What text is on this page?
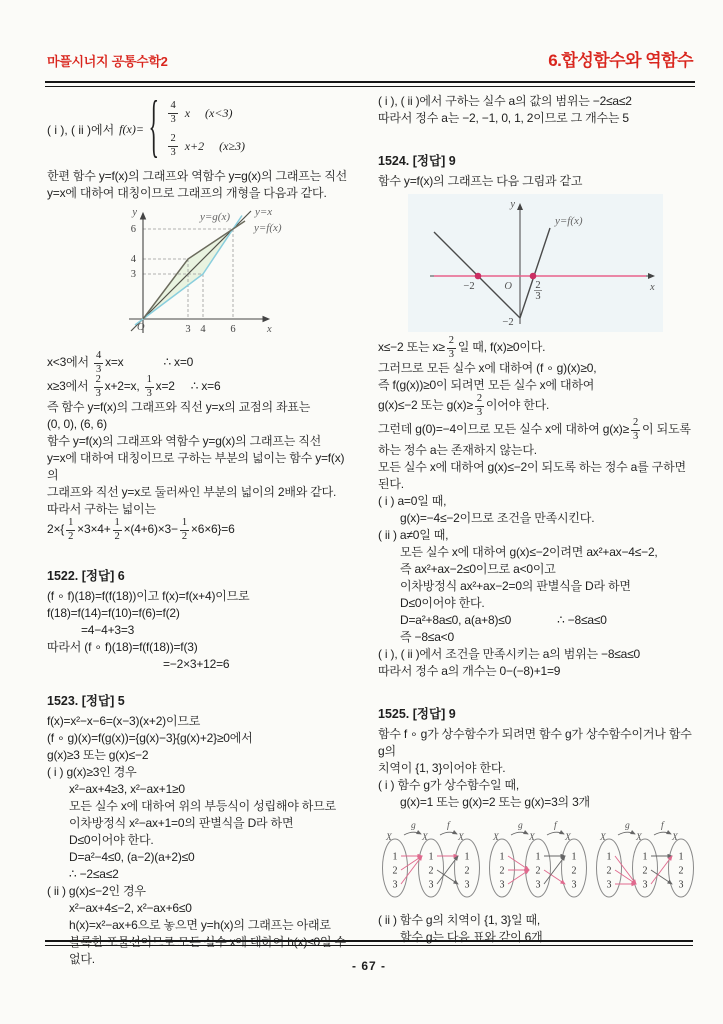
마플시너지 공통수학2	6.합성함수와 역함수
( i ), ( ii )에서 f(x)= { $\frac{4}{3}$ x (x<3)
$\frac{2}{3} x+2$ (x≥3)
한편 함수 y=f(x)의 그래프와 역함수 y=g(x)의 그래프는 직선
y=x에 대하여 대칭이므로 그래프의 개형을 다음과 같다.
y
x
O
6
4
3
3 4 6
y=g(x) y=x
y=f(x)
x<3에서 $\frac{4}{3} x=x$	∴ x=0
x≥3에서 $\frac{2}{3} x+2=x$, $\frac{1}{3} x=2$ ∴ x=6
즉 함수 y=f(x)의 그래프와 직선 y=x의 교점의 좌표는
(0, 0), (6, 6)
함수 y=f(x)의 그래프와 역함수 y=g(x)의 그래프는 직선
y=x에 대하여 대칭이므로 구하는 부분의 넓이는 함수 y=f(x)의
그래프와 직선 y=x로 둘러싸인 부분의 넓이의 2배와 같다.
따라서 구하는 넓이는
$2\times\{ \frac{1}{2} \times 3\times 4+ \frac{1}{2} \times(4+6)\times 3- \frac{1}{2} \times 6\times 6\}=6$
1522. [정답] 6
(f ∘ f)(18)=f(f(18))이고 f(x)=f(x+4)이므로
f(18)=f(14)=f(10)=f(6)=f(2)
=4−4+3=3
따라서 (f ∘ f)(18)=f(f(18))=f(3)
=−2×3+12=6
1523. [정답] 5
f(x)=x²−x−6=(x−3)(x+2)이므로
(f ∘ g)(x)=f(g(x))={g(x)−3}{g(x)+2}≥0에서
g(x)≥3 또는 g(x)≤−2
( i ) g(x)≥3인 경우
x²−ax+4≥3, x²−ax+1≥0
모든 실수 x에 대하여 위의 부등식이 성립해야 하므로
이차방정식 x²−ax+1=0의 판별식을 D라 하면
D≤0이어야 한다.
D=a²−4≤0, (a−2)(a+2)≤0
∴ −2≤a≤2
( ii ) g(x)≤−2인 경우
x²−ax+4≤−2, x²−ax+6≤0
h(x)=x²−ax+6으로 놓으면 y=h(x)의 그래프는 아래로
볼록한 포물선이므로 모든 실수 x에 대하여 h(x)≤0일 수 없다.
( i ), ( ii )에서 구하는 실수 a의 값의 범위는 −2≤a≤2
따라서 정수 a는 −2, −1, 0, 1, 2이므로 그 개수는 5
1524. [정답] 9
함수 y=f(x)의 그래프는 다음 그림과 같고
y
x
O
−2	2
3
−2
y=f(x)
x≤−2 또는 $x\ge \frac{2}{3}$ 일 때, f(x)≥0이다.
그러므로 모든 실수 x에 대하여 (f ∘ g)(x)≥0,
즉 f(g(x))≥0이 되려면 모든 실수 x에 대하여
g(x)≤−2 또는 $g(x)\ge \frac{2}{3}$ 이어야 한다.
그런데 g(0)=−4이므로 모든 실수 x에 대하여 $g(x)\ge \frac{2}{3}$ 이 되도록
하는 정수 a는 존재하지 않는다.
모든 실수 x에 대하여 g(x)≤−2이 되도록 하는 정수 a를 구하면
된다.
( i ) a=0일 때,
g(x)=−4≤−2이므로 조건을 만족시킨다.
( ii ) a≠0일 때,
모든 실수 x에 대하여 g(x)≤−2이려면 ax²+ax−4≤−2,
즉 ax²+ax−2≤0이므로 a<0이고
이차방정식 ax²+ax−2=0의 판별식을 D라 하면
D≤0이어야 한다.
D=a²+8a≤0, a(a+8)≤0	∴ −8≤a≤0
즉 −8≤a<0
( i ), ( ii )에서 조건을 만족시키는 a의 범위는 −8≤a≤0
따라서 정수 a의 개수는 0−(−8)+1=9
1525. [정답] 9
함수 f ∘ g가 상수함수가 되려면 함수 g가 상수함수이거나 함수 g의
치역이 {1, 3}이어야 한다.
( i ) 함수 g가 상수함수일 때,
g(x)=1 또는 g(x)=2 또는 g(x)=3의 3개
X	X	X
g	f
1
2
3
1
2
3
1
2
3
X	X	X
g	f
1
2
3
1
2
3
1
2
3
X	X	X
g	f
1
2
3
1
2
3
1
2
3
( ii ) 함수 g의 치역이 {1, 3}일 때,
함수 g는 다음 표와 같이 6개
- 67 -
